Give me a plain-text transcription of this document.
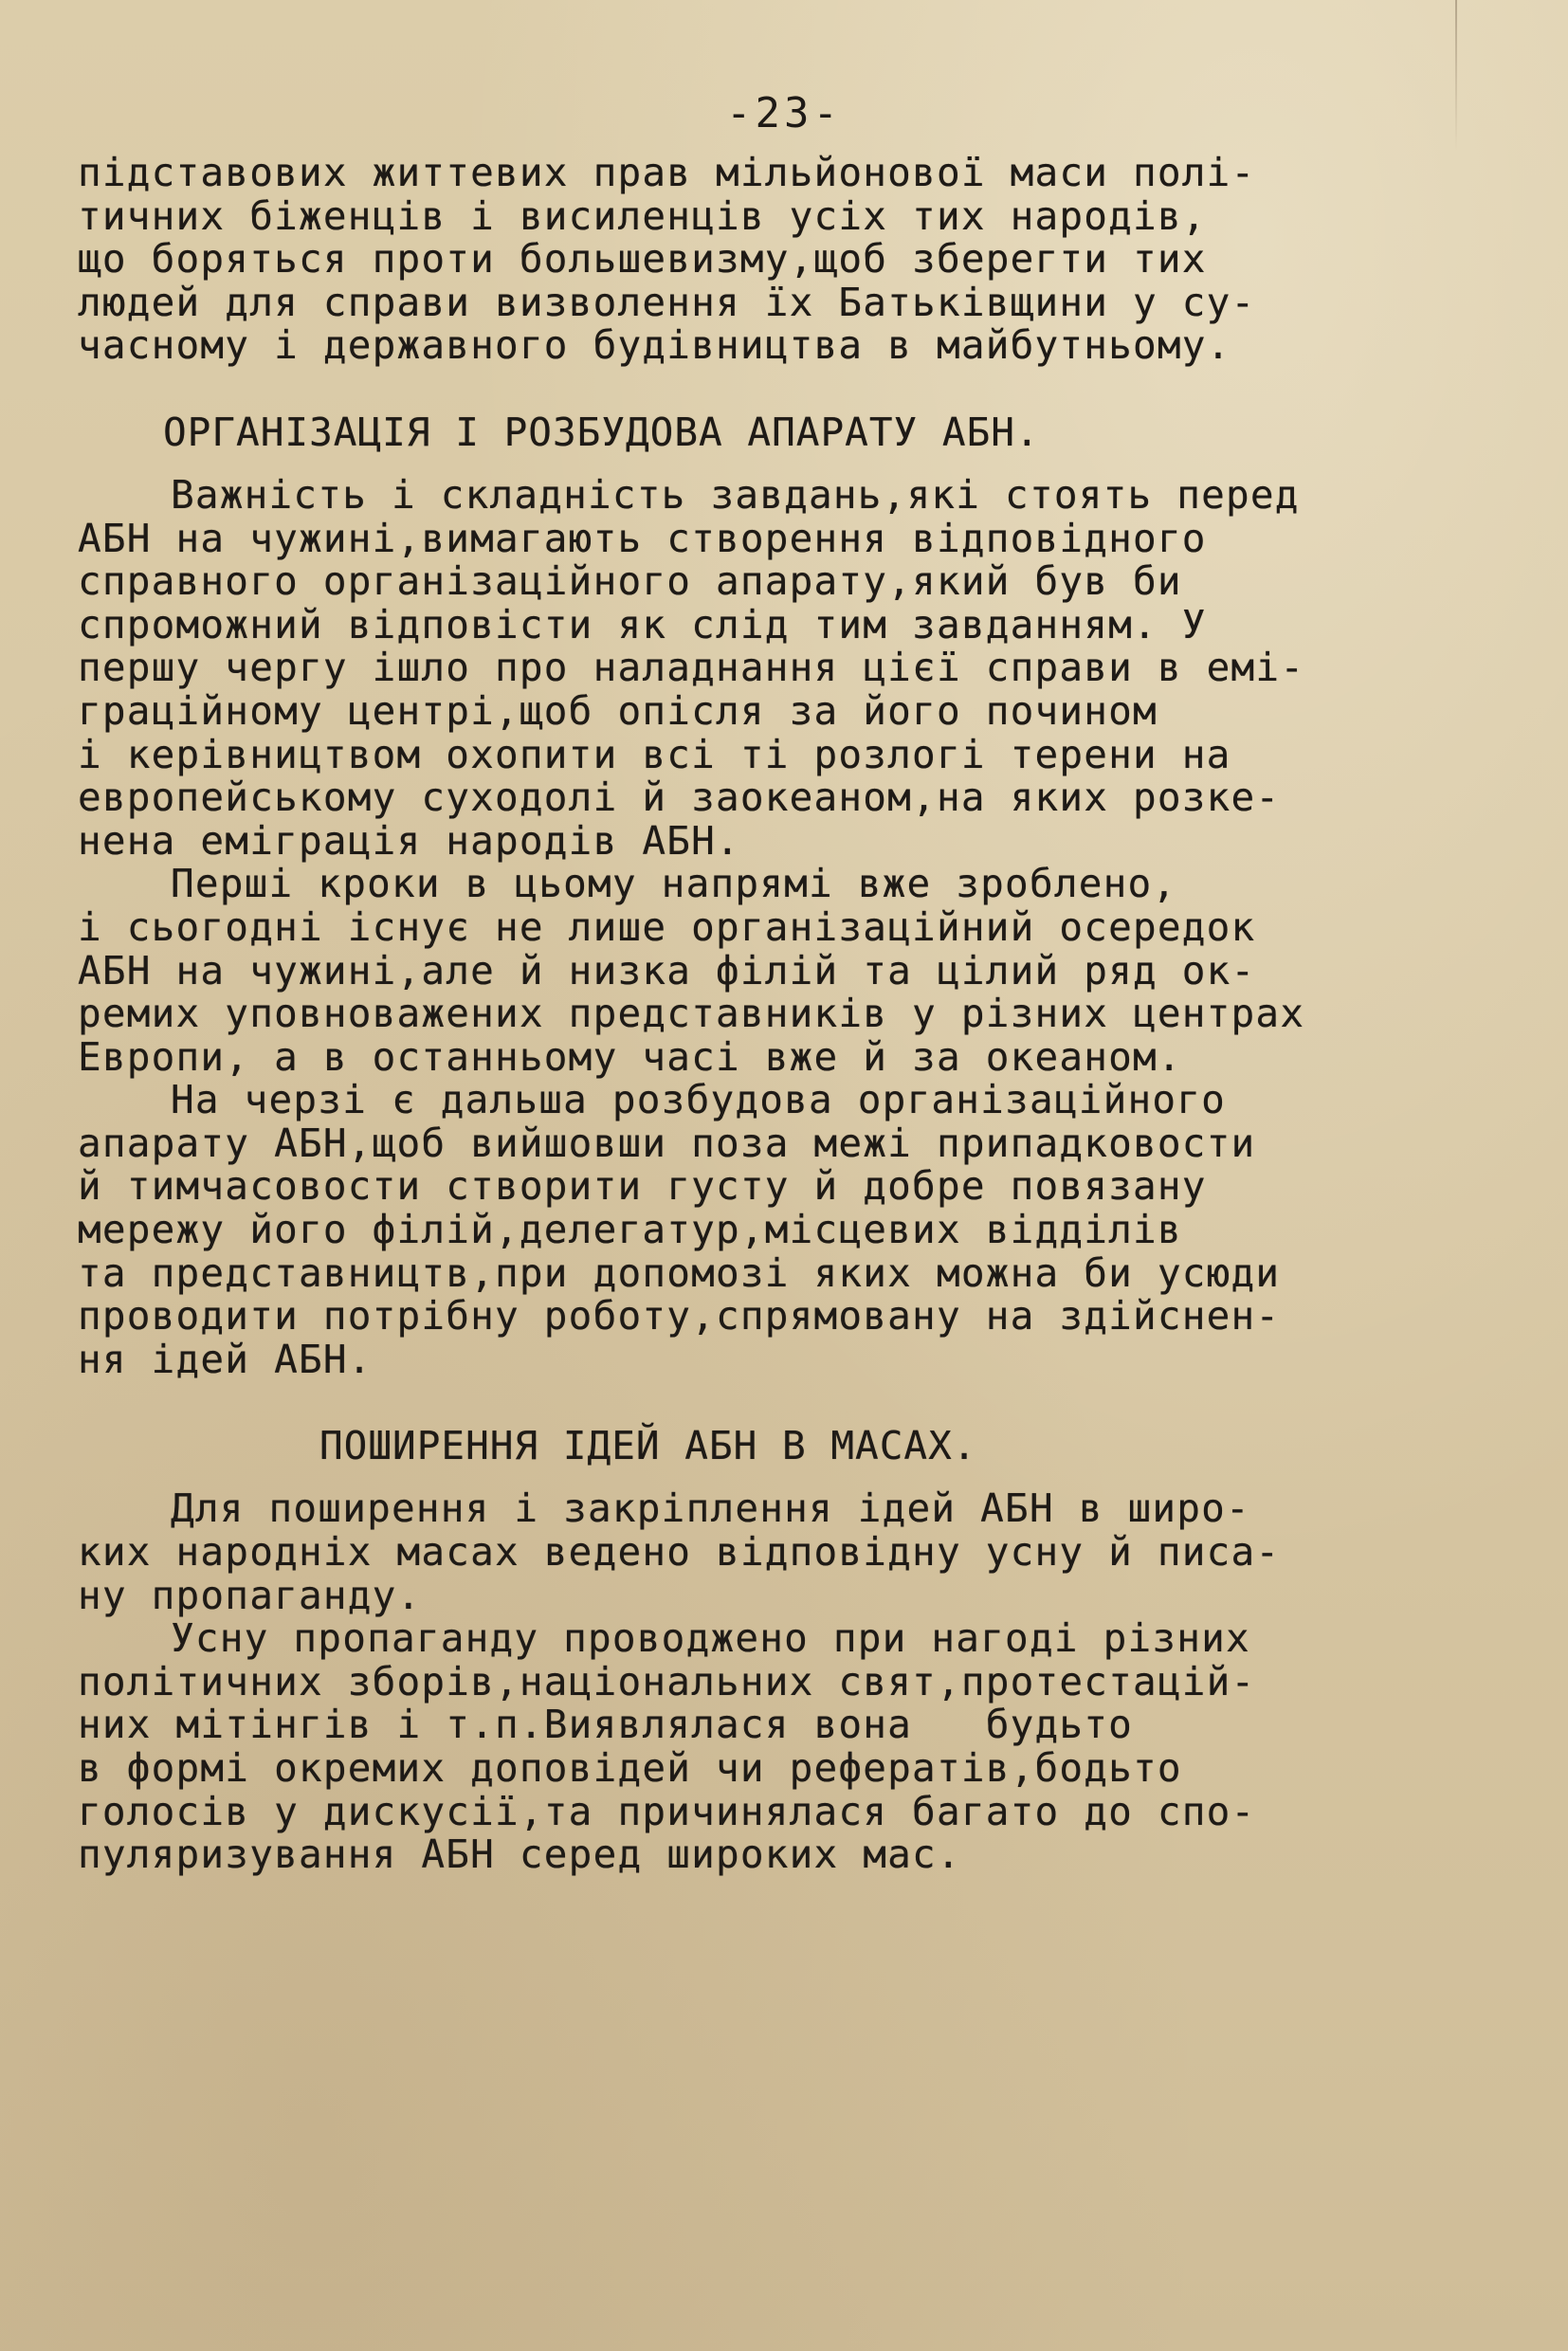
-23-
підставових життевих прав мільйонової маси полі-
тичних біженців і висиленців усіх тих народів,
що боряться проти большевизму,щоб зберегти тих
людей для справи визволення їх Батьківщини у су-
часному і державного будівництва в майбутньому.
ОРГАНІЗАЦІЯ І РОЗБУДОВА АПАРАТУ АБН.
Важність і складність завдань,які стоять перед
АБН на чужині,вимагають створення відповідного
справного організаційного апарату,який був би
спроможний відповісти як слід тим завданням. У
першу чергу ішло про наладнання цієї справи в емі-
граційному центрі,щоб опісля за його почином
і керівництвом охопити всі ті розлогі терени на
европейському суходолі й заокеаном,на яких розке-
нена еміграція народів АБН.
Перші кроки в цьому напрямі вже зроблено,
і сьогодні існує не лише організаційний осередок
АБН на чужині,але й низка філій та цілий ряд ок-
ремих уповноважених представників у різних центрах
Европи, а в останньому часі вже й за океаном.
На черзі є дальша розбудова організаційного
апарату АБН,щоб вийшовши поза межі припадковости
й тимчасовости створити густу й добре повязану
мережу його філій,делегатур,місцевих відділів
та представництв,при допомозі яких можна би усюди
проводити потрібну роботу,спрямовану на здійснен-
ня ідей АБН.
ПОШИРЕННЯ ІДЕЙ АБН В МАСАХ.
Для поширення і закріплення ідей АБН в широ-
ких народніх масах ведено відповідну усну й писа-
ну пропаганду.
Усну пропаганду проводжено при нагоді різних
політичних зборів,національних свят,протестацій-
них мітінгів і т.п.Виявлялася вона   будьто
в формі окремих доповідей чи рефератів,бодьто
голосів у дискусії,та причинялася багато до спо-
пуляризування АБН серед широких мас.
